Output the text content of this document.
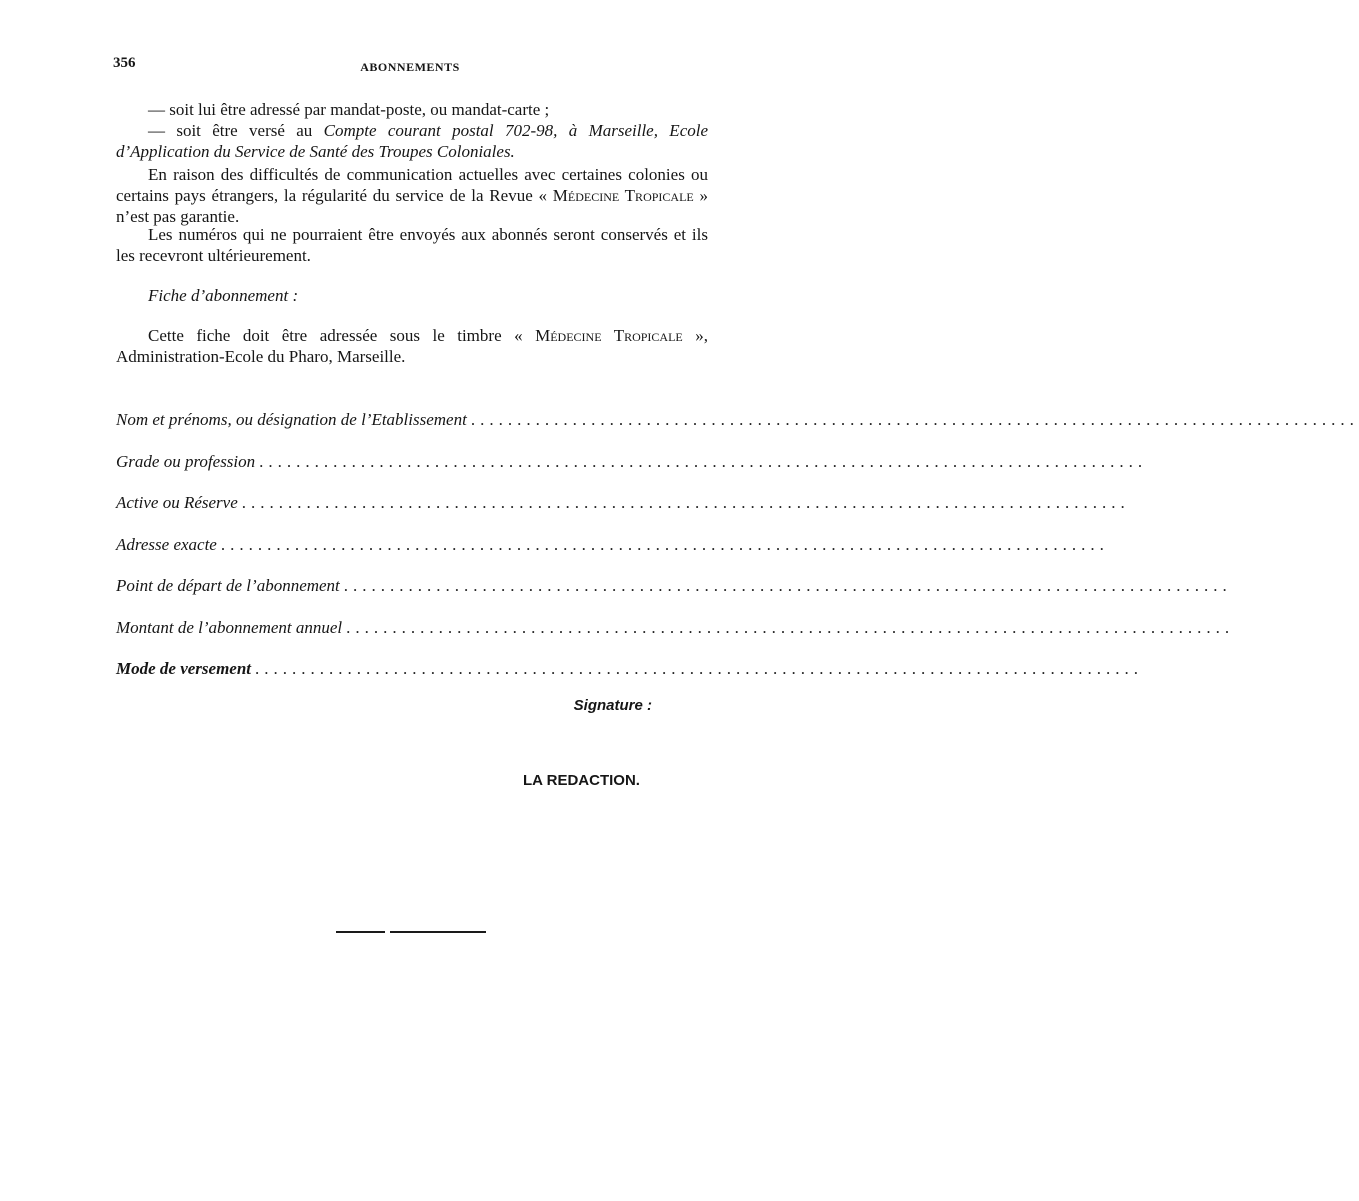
356	ABONNEMENTS

— soit lui être adressé par mandat-poste, ou mandat-carte ;

— soit être versé au Compte courant postal 702-98, à Marseille, Ecole d’Application du Service de Santé des Troupes Coloniales.

En raison des difficultés de communication actuelles avec certaines colonies ou certains pays étrangers, la régularité du service de la Revue « Médecine Tropicale » n’est pas garantie.

Les numéros qui ne pourraient être envoyés aux abonnés seront conservés et ils les recevront ultérieurement.

Fiche d’abonnement :

Cette fiche doit être adressée sous le timbre « Médecine Tropicale », Administration-Ecole du Pharo, Marseille.

Nom et prénoms, ou désignation de l’Etablissement ................................................................................................
Grade ou profession ................................................................................................
Active ou Réserve ................................................................................................
Adresse exacte ................................................................................................
Point de départ de l’abonnement ................................................................................................
Montant de l’abonnement annuel ................................................................................................
Mode de versement ................................................................................................
Signature :
LA REDACTION.
